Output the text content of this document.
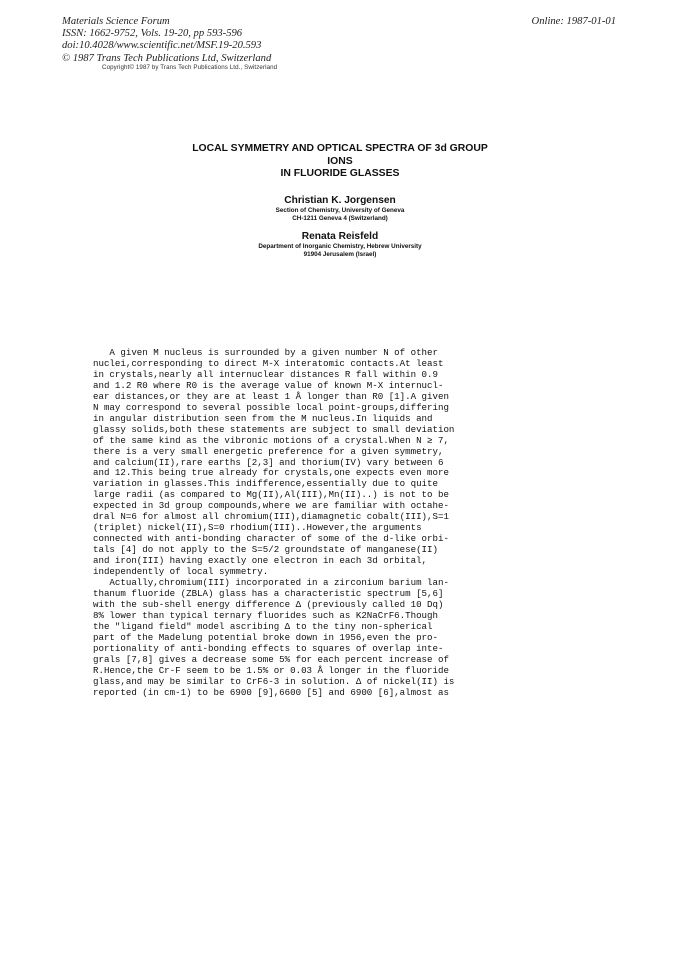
Materials Science Forum
ISSN: 1662-9752, Vols. 19-20, pp 593-596
doi:10.4028/www.scientific.net/MSF.19-20.593
© 1987 Trans Tech Publications Ltd, Switzerland
Online: 1987-01-01
Copyright© 1987 by Trans Tech Publications Ltd., Switzerland
LOCAL SYMMETRY AND OPTICAL SPECTRA OF 3d GROUP
IONS
IN FLUORIDE GLASSES
Christian K. Jorgensen
Section of Chemistry, University of Geneva
CH-1211 Geneva 4 (Switzerland)
Renata Reisfeld
Department of Inorganic Chemistry, Hebrew University
91904 Jerusalem (Israel)

A given M nucleus is surrounded by a given number N of other

nuclei,corresponding to direct M-X interatomic contacts.At least

in crystals,nearly all internuclear distances R fall within 0.9

and 1.2 R0 where R0 is the average value of known M-X internucl-

ear distances,or they are at least 1 Å longer than R0 [1].A given

N may correspond to several possible local point-groups,differing

in angular distribution seen from the M nucleus.In liquids and

glassy solids,both these statements are subject to small deviation

of the same kind as the vibronic motions of a crystal.When N ≥ 7,

there is a very small energetic preference for a given symmetry,

and calcium(II),rare earths [2,3] and thorium(IV) vary between 6

and 12.This being true already for crystals,one expects even more

variation in glasses.This indifference,essentially due to quite

large radii (as compared to Mg(II),Al(III),Mn(II)..) is not to be

expected in 3d group compounds,where we are familiar with octahe-

dral N=6 for almost all chromium(III),diamagnetic cobalt(III),S=1

(triplet) nickel(II),S=0 rhodium(III)..However,the arguments

connected with anti-bonding character of some of the d-like orbi-

tals [4] do not apply to the S=5/2 groundstate of manganese(II)

and iron(III) having exactly one electron in each 3d orbital,

independently of local symmetry.

Actually,chromium(III) incorporated in a zirconium barium lan-

thanum fluoride (ZBLA) glass has a characteristic spectrum [5,6]

with the sub-shell energy difference Δ (previously called 10 Dq)

8% lower than typical ternary fluorides such as K2NaCrF6.Though

the "ligand field" model ascribing Δ to the tiny non-spherical

part of the Madelung potential broke down in 1956,even the pro-

portionality of anti-bonding effects to squares of overlap inte-

grals [7,8] gives a decrease some 5% for each percent increase of

R.Hence,the Cr-F seem to be 1.5% or 0.03 Å longer in the fluoride

glass,and may be similar to CrF6-3 in solution. Δ of nickel(II) is

reported (in cm-1) to be 6900 [9],6600 [5] and 6900 [6],almost as
